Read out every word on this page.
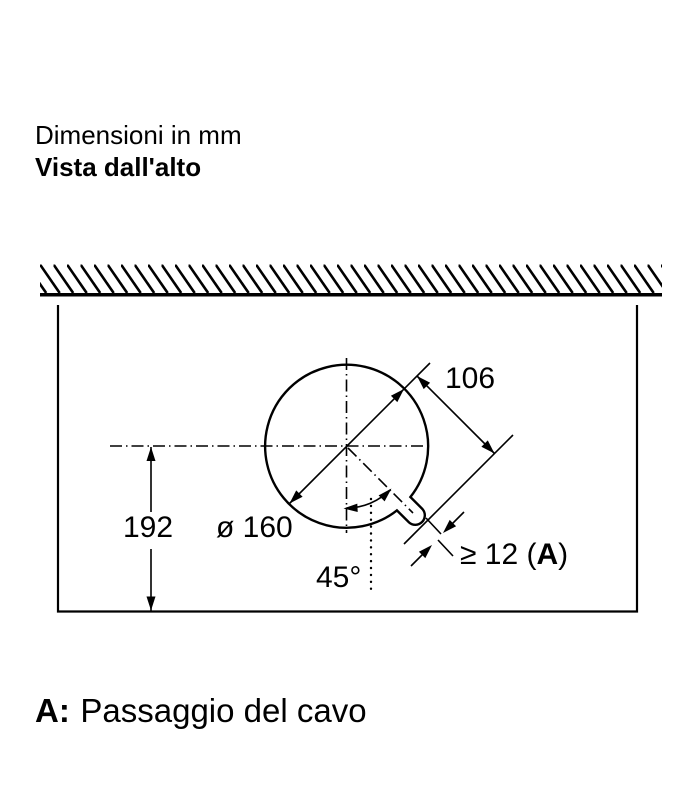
Dimensioni in mm
Vista dall'alto
106
192 ø 160
45°
≥ 12 (A)
A: Passaggio del cavo
